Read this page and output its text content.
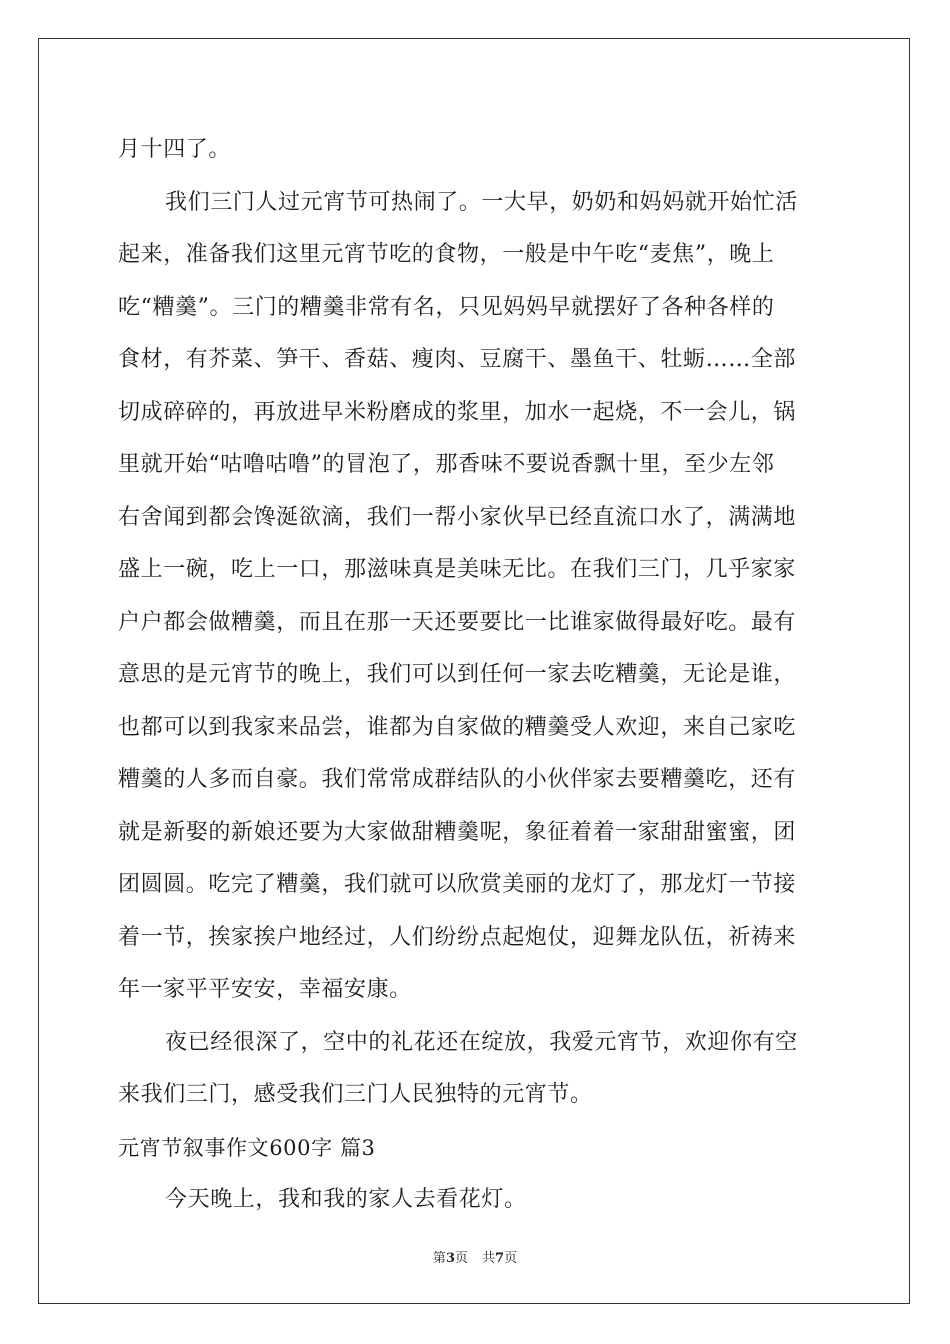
月十四了。
我们三门人过元宵节可热闹了。一大早，奶奶和妈妈就开始忙活
起来，准备我们这里元宵节吃的食物，一般是中午吃“麦焦”，晚上
吃“糟羹”。三门的糟羹非常有名，只见妈妈早就摆好了各种各样的
食材，有芥菜、笋干、香菇、瘦肉、豆腐干、墨鱼干、牡蛎……全部
切成碎碎的，再放进早米粉磨成的浆里，加水一起烧，不一会儿，锅
里就开始“咕噜咕噜”的冒泡了，那香味不要说香飘十里，至少左邻
右舍闻到都会馋涎欲滴，我们一帮小家伙早已经直流口水了，满满地
盛上一碗，吃上一口，那滋味真是美味无比。在我们三门，几乎家家
户户都会做糟羹，而且在那一天还要要比一比谁家做得最好吃。最有
意思的是元宵节的晚上，我们可以到任何一家去吃糟羹，无论是谁，
也都可以到我家来品尝，谁都为自家做的糟羹受人欢迎，来自己家吃
糟羹的人多而自豪。我们常常成群结队的小伙伴家去要糟羹吃，还有
就是新娶的新娘还要为大家做甜糟羹呢，象征着着一家甜甜蜜蜜，团
团圆圆。吃完了糟羹，我们就可以欣赏美丽的龙灯了，那龙灯一节接
着一节，挨家挨户地经过，人们纷纷点起炮仗，迎舞龙队伍，祈祷来
年一家平平安安，幸福安康。
夜已经很深了，空中的礼花还在绽放，我爱元宵节，欢迎你有空
来我们三门，感受我们三门人民独特的元宵节。
元宵节叙事作文600字 篇3
今天晚上，我和我的家人去看花灯。
第3页 共7页
